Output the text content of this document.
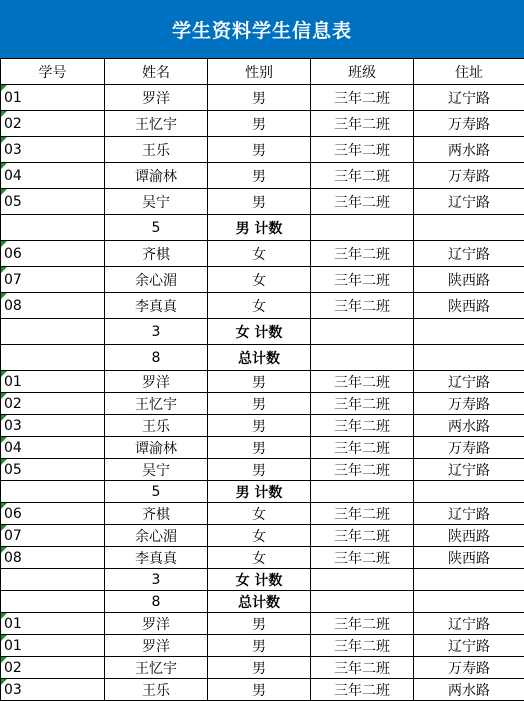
学生资料学生信息表
学号	姓名	性别	班级	住址

01	罗洋	男	三年二班	辽宁路

02	王忆宇	男	三年二班	万寿路

03	王乐	男	三年二班	两水路

04	谭渝林	男	三年二班	万寿路

05	吴宁	男	三年二班	辽宁路
	5	男 计数		

06	齐棋	女	三年二班	辽宁路

07	余心湄	女	三年二班	陕西路

08	李真真	女	三年二班	陕西路
	3	女 计数		
	8	总计数		

01	罗洋	男	三年二班	辽宁路

02	王忆宇	男	三年二班	万寿路

03	王乐	男	三年二班	两水路

04	谭渝林	男	三年二班	万寿路

05	吴宁	男	三年二班	辽宁路
	5	男 计数		

06	齐棋	女	三年二班	辽宁路

07	余心湄	女	三年二班	陕西路

08	李真真	女	三年二班	陕西路
	3	女 计数		
	8	总计数		

01	罗洋	男	三年二班	辽宁路

01	罗洋	男	三年二班	辽宁路

02	王忆宇	男	三年二班	万寿路

03	王乐	男	三年二班	两水路
